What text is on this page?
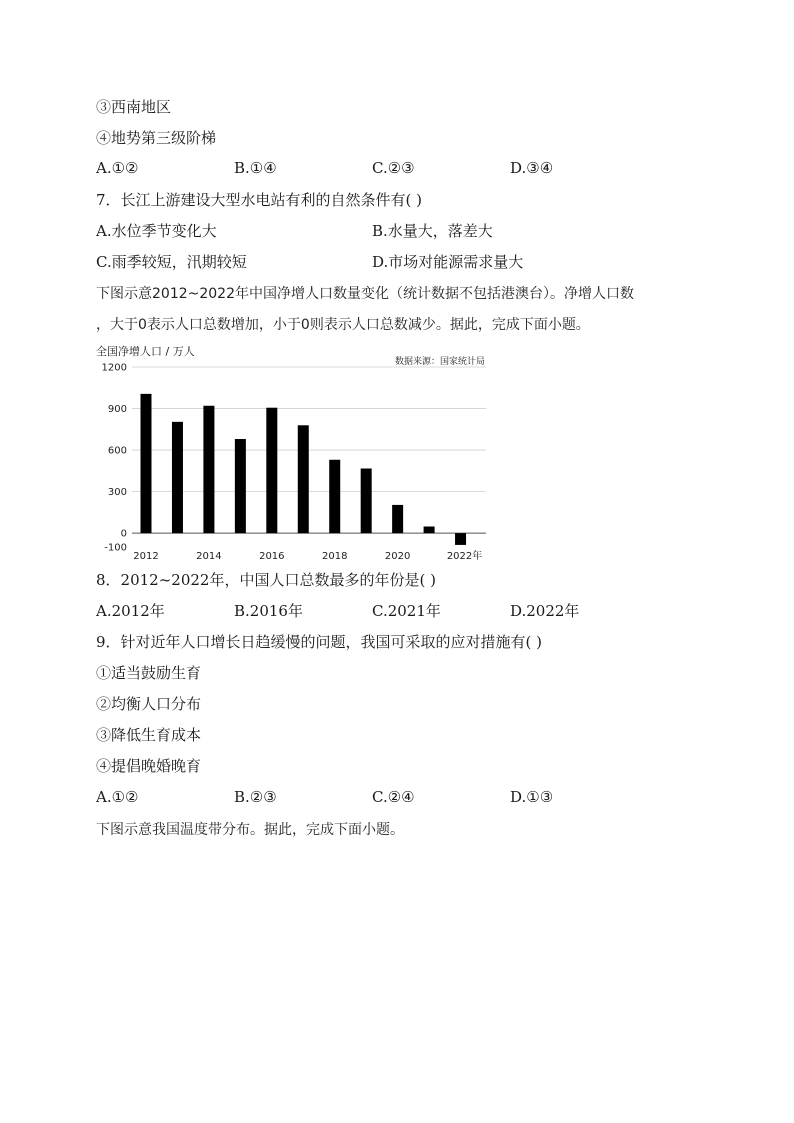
③西南地区
④地势第三级阶梯
A.①②	B.①④	C.②③	D.③④
7．长江上游建设大型水电站有利的自然条件有( )
A.水位季节变化大	B.水量大，落差大
C.雨季较短，汛期较短	D.市场对能源需求量大
下图示意2012~2022年中国净增人口数量变化（统计数据不包括港澳台）。净增人口数
，大于0表示人口总数增加，小于0则表示人口总数减少。据此，完成下面小题。
全国净增人口 / 万人
数据来源：国家统计局
1200
900
600
300
0
-100
2012	2014	2016	2018	2020	2022年
8．2012~2022年，中国人口总数最多的年份是( )
A.2012年	B.2016年	C.2021年	D.2022年
9．针对近年人口增长日趋缓慢的问题，我国可采取的应对措施有( )
①适当鼓励生育
②均衡人口分布
③降低生育成本
④提倡晚婚晚育
A.①②	B.②③	C.②④	D.①③
下图示意我国温度带分布。据此，完成下面小题。
